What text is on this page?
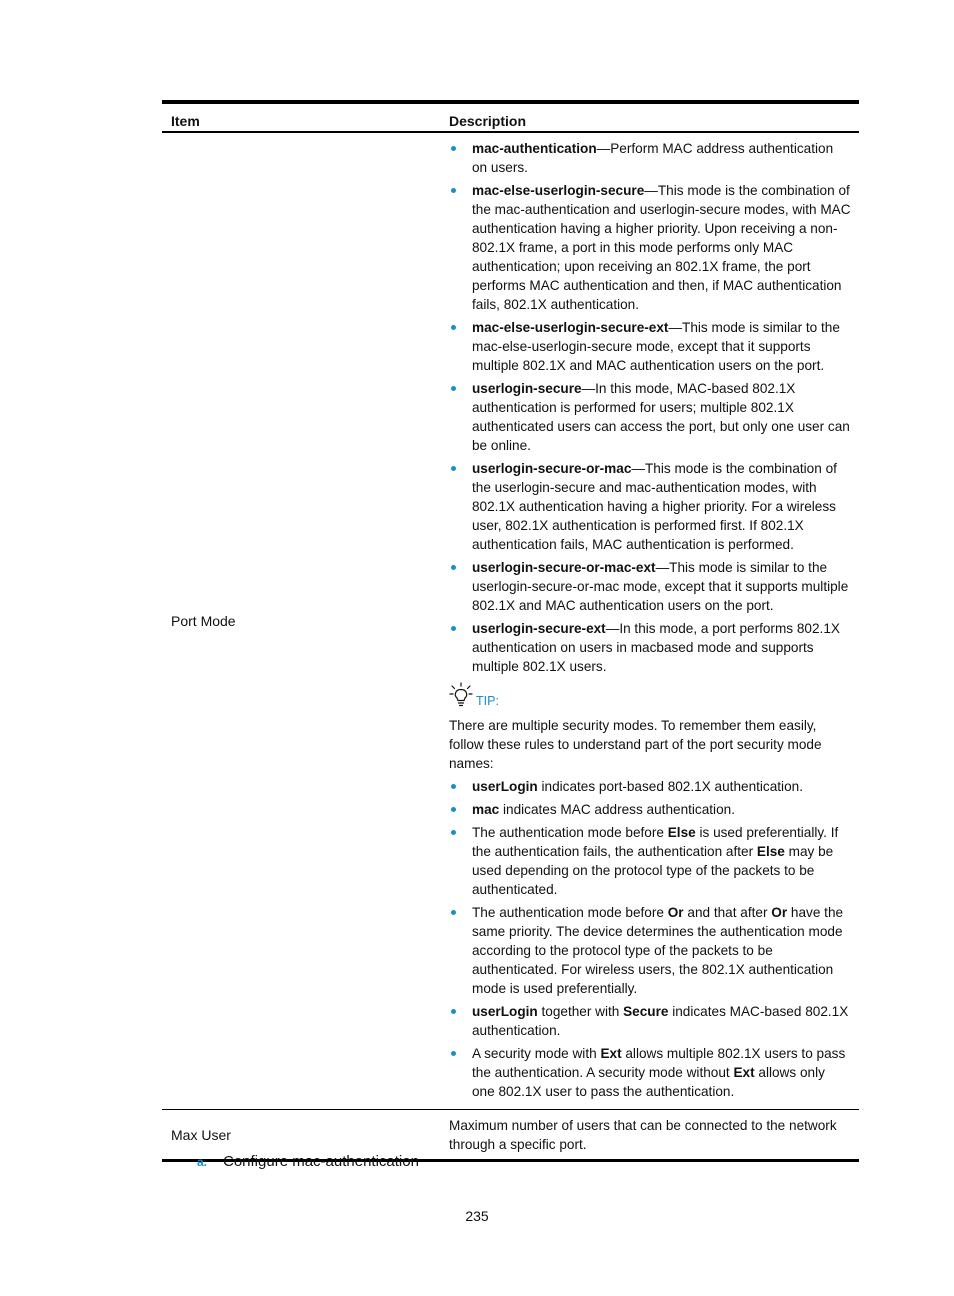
Item	Description
Port Mode
mac-authentication—Perform MAC address authentication on users.
mac-else-userlogin-secure—This mode is the combination of the mac-authentication and userlogin-secure modes, with MAC authentication having a higher priority. Upon receiving a non-802.1X frame, a port in this mode performs only MAC authentication; upon receiving an 802.1X frame, the port performs MAC authentication and then, if MAC authentication fails, 802.1X authentication.
mac-else-userlogin-secure-ext—This mode is similar to the mac-else-userlogin-secure mode, except that it supports multiple 802.1X and MAC authentication users on the port.
userlogin-secure—In this mode, MAC-based 802.1X authentication is performed for users; multiple 802.1X authenticated users can access the port, but only one user can be online.
userlogin-secure-or-mac—This mode is the combination of the userlogin-secure and mac-authentication modes, with 802.1X authentication having a higher priority. For a wireless user, 802.1X authentication is performed first. If 802.1X authentication fails, MAC authentication is performed.
userlogin-secure-or-mac-ext—This mode is similar to the userlogin-secure-or-mac mode, except that it supports multiple 802.1X and MAC authentication users on the port.
userlogin-secure-ext—In this mode, a port performs 802.1X authentication on users in macbased mode and supports multiple 802.1X users.
TIP:

There are multiple security modes. To remember them easily, follow these rules to understand part of the port security mode names:

userLogin indicates port-based 802.1X authentication.
mac indicates MAC address authentication.
The authentication mode before Else is used preferentially. If the authentication fails, the authentication after Else may be used depending on the protocol type of the packets to be authenticated.
The authentication mode before Or and that after Or have the same priority. The device determines the authentication mode according to the protocol type of the packets to be authenticated. For wireless users, the 802.1X authentication mode is used preferentially.
userLogin together with Secure indicates MAC-based 802.1X authentication.
A security mode with Ext allows multiple 802.1X users to pass the authentication. A security mode without Ext allows only one 802.1X user to pass the authentication.
Max User
Maximum number of users that can be connected to the network through a specific port.
a.	Configure mac-authentication
235
